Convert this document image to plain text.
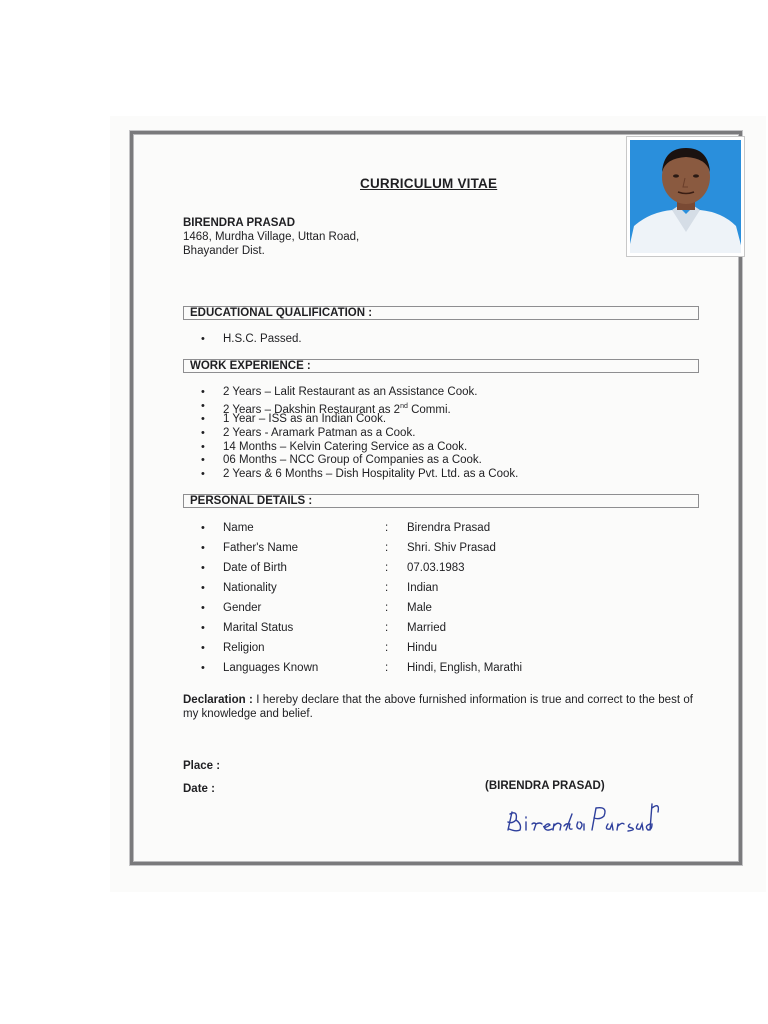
CURRICULUM VITAE
BIRENDRA PRASAD
1468, Murdha Village, Uttan Road,
Bhayander Dist.
EDUCATIONAL QUALIFICATION :
• H.S.C. Passed.
WORK EXPERIENCE :
• 2 Years – Lalit Restaurant as an Assistance Cook.
• 2 Years – Dakshin Restaurant as 2nd Commi.
• 1 Year – ISS as an Indian Cook.
• 2 Years - Aramark Patman as a Cook.
• 14 Months – Kelvin Catering Service as a Cook.
• 06 Months – NCC Group of Companies as a Cook.
• 2 Years & 6 Months – Dish Hospitality Pvt. Ltd. as a Cook.
PERSONAL DETAILS :
• Name	: Birendra Prasad
• Father's Name	: Shri. Shiv Prasad
• Date of Birth	: 07.03.1983
• Nationality	: Indian
• Gender	: Male
• Marital Status	: Married
• Religion	: Hindu
• Languages Known	: Hindi, English, Marathi
Declaration : I hereby declare that the above furnished information is true and correct to the best of my knowledge and belief.
Place :
Date :	(BIRENDRA PRASAD)
